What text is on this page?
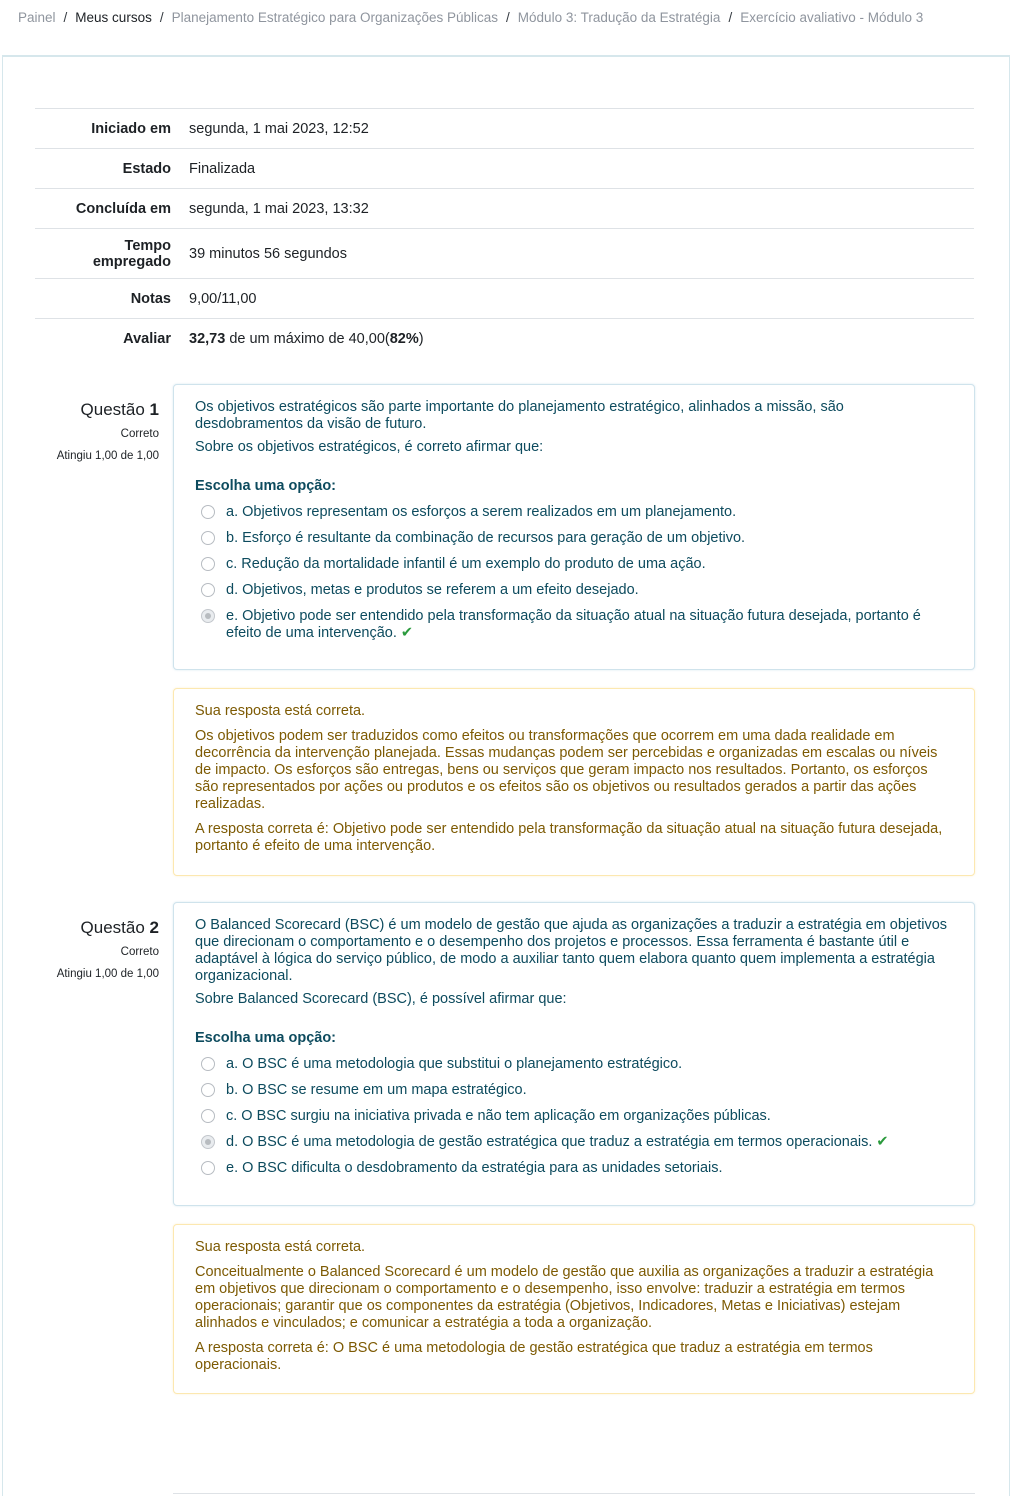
Painel / Meus cursos / Planejamento Estratégico para Organizações Públicas / Módulo 3: Tradução da Estratégia / Exercício avaliativo - Módulo 3
Iniciado em	segunda, 1 mai 2023, 12:52
Estado	Finalizada
Concluída em	segunda, 1 mai 2023, 13:32
Tempo
empregado	39 minutos 56 segundos
Notas	9,00/11,00
Avaliar	32,73 de um máximo de 40,00(82%)
Questão 1
Correto
Atingiu 1,00 de 1,00

Os objetivos estratégicos são parte importante do planejamento estratégico, alinhados a missão, são desdobramentos da visão de futuro.

Sobre os objetivos estratégicos, é correto afirmar que:

Escolha uma opção:
a. Objetivos representam os esforços a serem realizados em um planejamento.
b. Esforço é resultante da combinação de recursos para geração de um objetivo.
c. Redução da mortalidade infantil é um exemplo do produto de uma ação.
d. Objetivos, metas e produtos se referem a um efeito desejado.
e. Objetivo pode ser entendido pela transformação da situação atual na situação futura desejada, portanto é efeito de uma intervenção. ✔

Sua resposta está correta.

Os objetivos podem ser traduzidos como efeitos ou transformações que ocorrem em uma dada realidade em decorrência da intervenção planejada. Essas mudanças podem ser percebidas e organizadas em escalas ou níveis de impacto. Os esforços são entregas, bens ou serviços que geram impacto nos resultados. Portanto, os esforços são representados por ações ou produtos e os efeitos são os objetivos ou resultados gerados a partir das ações realizadas.

A resposta correta é: Objetivo pode ser entendido pela transformação da situação atual na situação futura desejada, portanto é efeito de uma intervenção.

Questão 2
Correto
Atingiu 1,00 de 1,00

O Balanced Scorecard (BSC) é um modelo de gestão que ajuda as organizações a traduzir a estratégia em objetivos que direcionam o comportamento e o desempenho dos projetos e processos. Essa ferramenta é bastante útil e adaptável à lógica do serviço público, de modo a auxiliar tanto quem elabora quanto quem implementa a estratégia organizacional.

Sobre Balanced Scorecard (BSC), é possível afirmar que:

Escolha uma opção:
a. O BSC é uma metodologia que substitui o planejamento estratégico.
b. O BSC se resume em um mapa estratégico.
c. O BSC surgiu na iniciativa privada e não tem aplicação em organizações públicas.
d. O BSC é uma metodologia de gestão estratégica que traduz a estratégia em termos operacionais. ✔
e. O BSC dificulta o desdobramento da estratégia para as unidades setoriais.

Sua resposta está correta.

Conceitualmente o Balanced Scorecard é um modelo de gestão que auxilia as organizações a traduzir a estratégia em objetivos que direcionam o comportamento e o desempenho, isso envolve: traduzir a estratégia em termos operacionais; garantir que os componentes da estratégia (Objetivos, Indicadores, Metas e Iniciativas) estejam alinhados e vinculados; e comunicar a estratégia a toda a organização.

A resposta correta é: O BSC é uma metodologia de gestão estratégica que traduz a estratégia em termos operacionais.
